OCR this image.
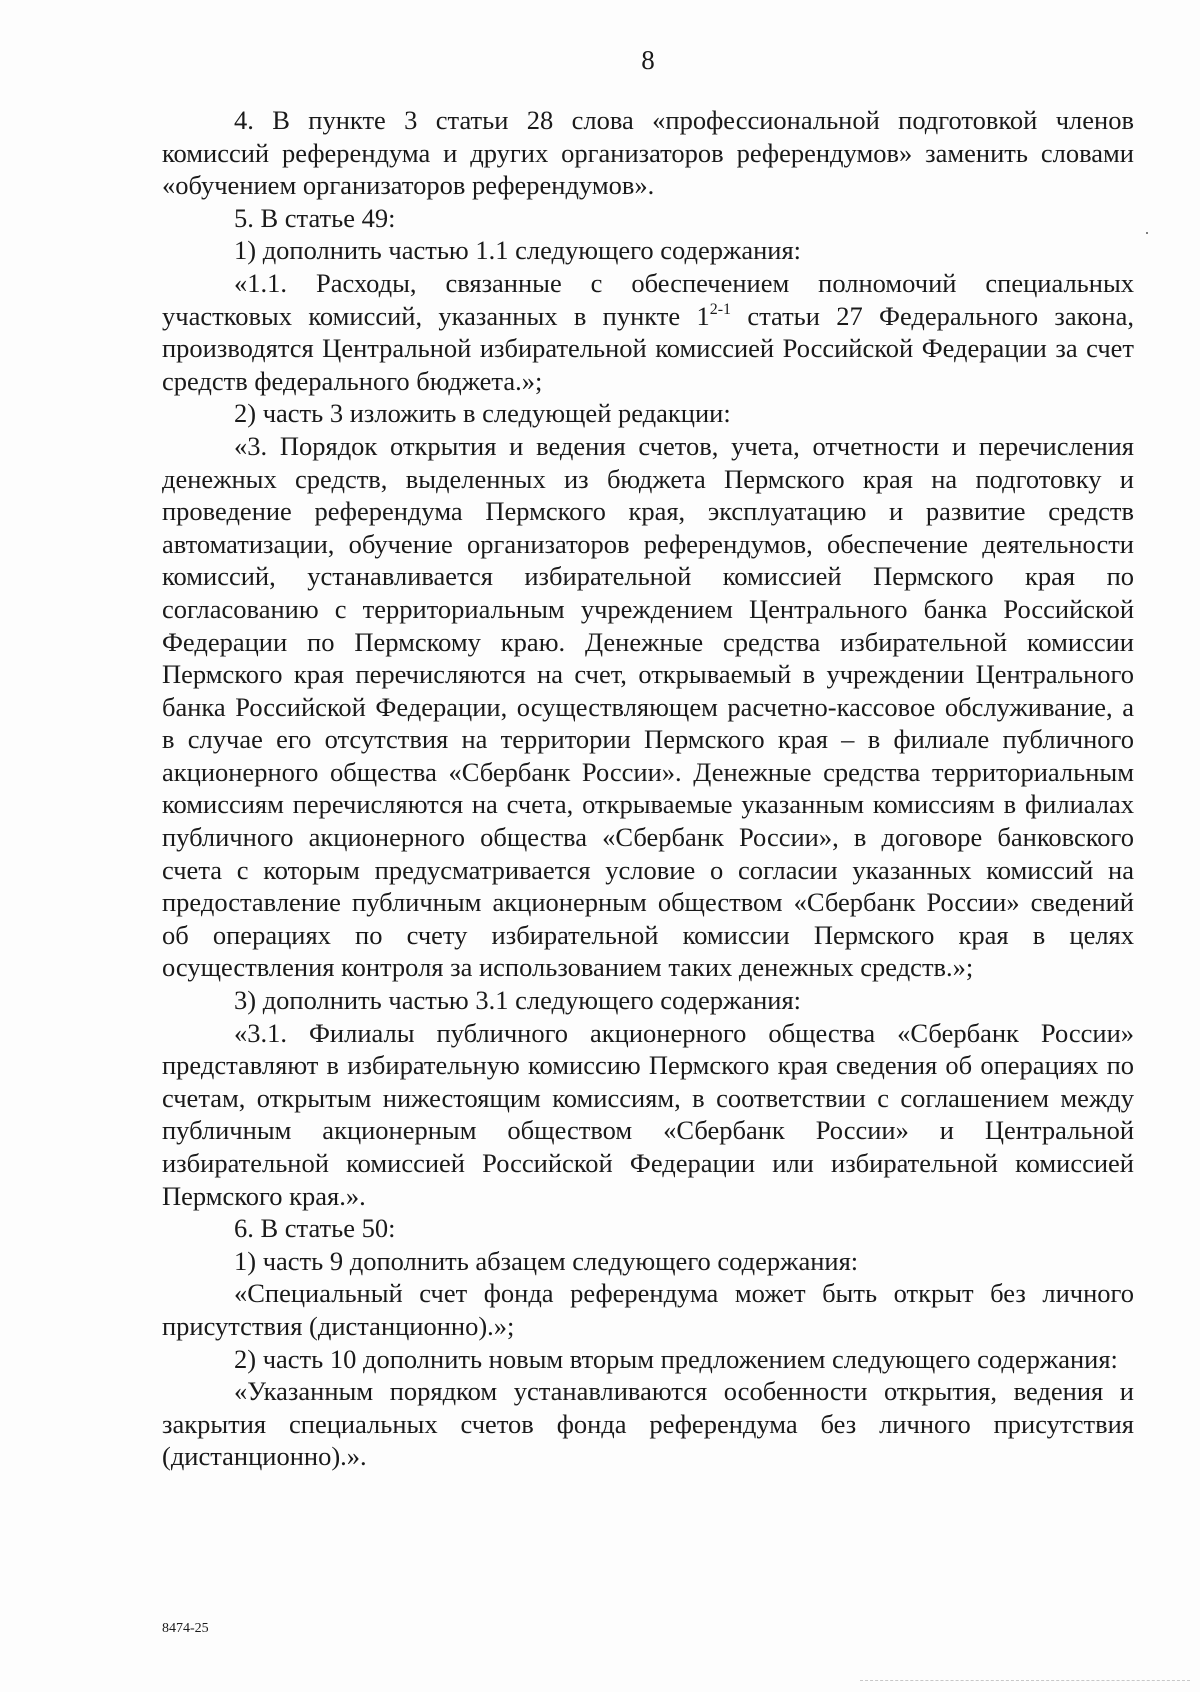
8

4. В пункте 3 статьи 28 слова «профессиональной подготовкой членов комиссий референдума и других организаторов референдумов» заменить словами «обучением организаторов референдумов».

5. В статье 49:

1) дополнить частью 1.1 следующего содержания:

«1.1. Расходы, связанные с обеспечением полномочий специальных участковых комиссий, указанных в пункте 1$^{2-1}$ статьи 27 Федерального закона, производятся Центральной избирательной комиссией Российской Федерации за счет средств федерального бюджета.»;

2) часть 3 изложить в следующей редакции:

«3. Порядок открытия и ведения счетов, учета, отчетности и перечисления денежных средств, выделенных из бюджета Пермского края на подготовку и проведение референдума Пермского края, эксплуатацию и развитие средств автоматизации, обучение организаторов референдумов, обеспечение деятельности комиссий, устанавливается избирательной комиссией Пермского края по согласованию с территориальным учреждением Центрального банка Российской Федерации по Пермскому краю. Денежные средства избирательной комиссии Пермского края перечисляются на счет, открываемый в учреждении Центрального банка Российской Федерации, осуществляющем расчетно-кассовое обслуживание, а в случае его отсутствия на территории Пермского края – в филиале публичного акционерного общества «Сбербанк России». Денежные средства территориальным комиссиям перечисляются на счета, открываемые указанным комиссиям в филиалах публичного акционерного общества «Сбербанк России», в договоре банковского счета с которым предусматривается условие о согласии указанных комиссий на предоставление публичным акционерным обществом «Сбербанк России» сведений об операциях по счету избирательной комиссии Пермского края в целях осуществления контроля за использованием таких денежных средств.»;

3) дополнить частью 3.1 следующего содержания:

«3.1. Филиалы публичного акционерного общества «Сбербанк России» представляют в избирательную комиссию Пермского края сведения об операциях по счетам, открытым нижестоящим комиссиям, в соответствии с соглашением между публичным акционерным обществом «Сбербанк России» и Центральной избирательной комиссией Российской Федерации или избирательной комиссией Пермского края.».

6. В статье 50:

1) часть 9 дополнить абзацем следующего содержания:

«Специальный счет фонда референдума может быть открыт без личного присутствия (дистанционно).»;

2) часть 10 дополнить новым вторым предложением следующего содержания:

«Указанным порядком устанавливаются особенности открытия, ведения и закрытия специальных счетов фонда референдума без личного присутствия (дистанционно).».

8474-25
